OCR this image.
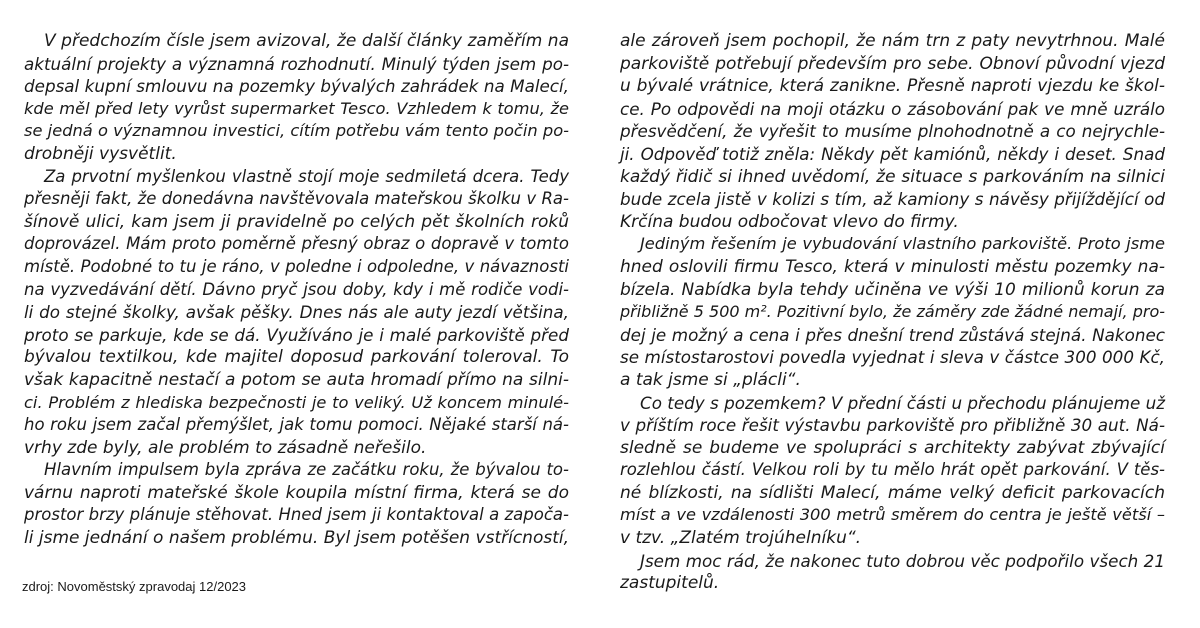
V předchozím čísle jsem avizoval, že další články zaměřím na
aktuální projekty a významná rozhodnutí. Minulý týden jsem po-
depsal kupní smlouvu na pozemky bývalých zahrádek na Malecí,
kde měl před lety vyrůst supermarket Tesco. Vzhledem k tomu, že
se jedná o významnou investici, cítím potřebu vám tento počin po-
drobněji vysvětlit.
Za prvotní myšlenkou vlastně stojí moje sedmiletá dcera. Tedy
přesněji fakt, že donedávna navštěvovala mateřskou školku v Ra-
šínově ulici, kam jsem ji pravidelně po celých pět školních roků
doprovázel. Mám proto poměrně přesný obraz o dopravě v tomto
místě. Podobné to tu je ráno, v poledne i odpoledne, v návaznosti
na vyzvedávání dětí. Dávno pryč jsou doby, kdy i mě rodiče vodi-
li do stejné školky, avšak pěšky. Dnes nás ale auty jezdí většina,
proto se parkuje, kde se dá. Využíváno je i malé parkoviště před
bývalou textilkou, kde majitel doposud parkování toleroval. To
však kapacitně nestačí a potom se auta hromadí přímo na silni-
ci. Problém z hlediska bezpečnosti je to veliký. Už koncem minulé-
ho roku jsem začal přemýšlet, jak tomu pomoci. Nějaké starší ná-
vrhy zde byly, ale problém to zásadně neřešilo.
Hlavním impulsem byla zpráva ze začátku roku, že bývalou to-
várnu naproti mateřské škole koupila místní firma, která se do
prostor brzy plánuje stěhovat. Hned jsem ji kontaktoval a započa-
li jsme jednání o našem problému. Byl jsem potěšen vstřícností,
ale zároveň jsem pochopil, že nám trn z paty nevytrhnou. Malé
parkoviště potřebují především pro sebe. Obnoví původní vjezd
u bývalé vrátnice, která zanikne. Přesně naproti vjezdu ke škol-
ce. Po odpovědi na moji otázku o zásobování pak ve mně uzrálo
přesvědčení, že vyřešit to musíme plnohodnotně a co nejrychle-
ji. Odpověď totiž zněla: Někdy pět kamiónů, někdy i deset. Snad
každý řidič si ihned uvědomí, že situace s parkováním na silnici
bude zcela jistě v kolizi s tím, až kamiony s návěsy přijíždějící od
Krčína budou odbočovat vlevo do firmy.
Jediným řešením je vybudování vlastního parkoviště. Proto jsme
hned oslovili firmu Tesco, která v minulosti městu pozemky na-
bízela. Nabídka byla tehdy učiněna ve výši 10 milionů korun za
přibližně 5 500 m². Pozitivní bylo, že záměry zde žádné nemají, pro-
dej je možný a cena i přes dnešní trend zůstává stejná. Nakonec
se místostarostovi povedla vyjednat i sleva v částce 300 000 Kč,
a tak jsme si „plácli“.
Co tedy s pozemkem? V přední části u přechodu plánujeme už
v příštím roce řešit výstavbu parkoviště pro přibližně 30 aut. Ná-
sledně se budeme ve spolupráci s architekty zabývat zbývající
rozlehlou částí. Velkou roli by tu mělo hrát opět parkování. V těs-
né blízkosti, na sídlišti Malecí, máme velký deficit parkovacích
míst a ve vzdálenosti 300 metrů směrem do centra je ještě větší –
v tzv. „Zlatém trojúhelníku“.
Jsem moc rád, že nakonec tuto dobrou věc podpořilo všech 21
zastupitelů.
zdroj: Novoměstský zpravodaj 12/2023
